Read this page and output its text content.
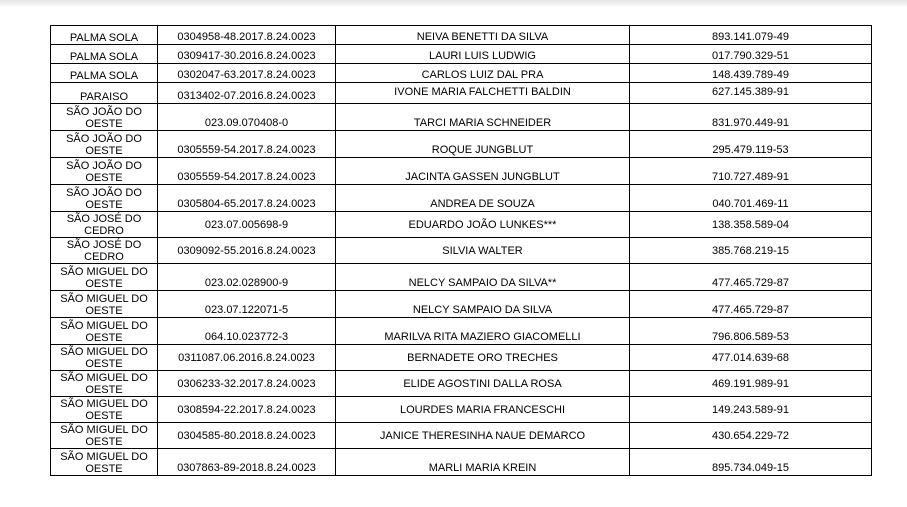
PALMA SOLA	0304958-48.2017.8.24.0023	NEIVA BENETTI DA SILVA	893.141.079-49
PALMA SOLA	0309417-30.2016.8.24.0023	LAURI LUIS LUDWIG	017.790.329-51
PALMA SOLA	0302047-63.2017.8.24.0023	CARLOS LUIZ DAL PRA	148.439.789-49
PARAISO	0313402-07.2016.8.24.0023	IVONE MARIA FALCHETTI BALDIN	627.145.389-91
SÃO JOÃO DO OESTE	023.09.070408-0	TARCI MARIA SCHNEIDER	831.970.449-91
SÃO JOÃO DO OESTE	0305559-54.2017.8.24.0023	ROQUE JUNGBLUT	295.479.119-53
SÃO JOÃO DO OESTE	0305559-54.2017.8.24.0023	JACINTA GASSEN JUNGBLUT	710.727.489-91
SÃO JOÃO DO OESTE	0305804-65.2017.8.24.0023	ANDREA DE SOUZA	040.701.469-11
SÃO JOSÉ DO CEDRO	023.07.005698-9	EDUARDO JOÃO LUNKES***	138.358.589-04
SÃO JOSÉ DO CEDRO	0309092-55.2016.8.24.0023	SILVIA WALTER	385.768.219-15
SÃO MIGUEL DO OESTE	023.02.028900-9	NELCY SAMPAIO DA SILVA**	477.465.729-87
SÃO MIGUEL DO OESTE	023.07.122071-5	NELCY SAMPAIO DA SILVA	477.465.729-87
SÃO MIGUEL DO OESTE	064.10.023772-3	MARILVA RITA MAZIERO GIACOMELLI	796.806.589-53
SÃO MIGUEL DO OESTE	0311087.06.2016.8.24.0023	BERNADETE ORO TRECHES	477.014.639-68
SÃO MIGUEL DO OESTE	0306233-32.2017.8.24.0023	ELIDE AGOSTINI DALLA ROSA	469.191.989-91
SÃO MIGUEL DO OESTE	0308594-22.2017.8.24.0023	LOURDES MARIA FRANCESCHI	149.243.589-91
SÃO MIGUEL DO OESTE	0304585-80.2018.8.24.0023	JANICE THERESINHA NAUE DEMARCO	430.654.229-72
SÃO MIGUEL DO OESTE	0307863-89-2018.8.24.0023	MARLI MARIA KREIN	895.734.049-15
